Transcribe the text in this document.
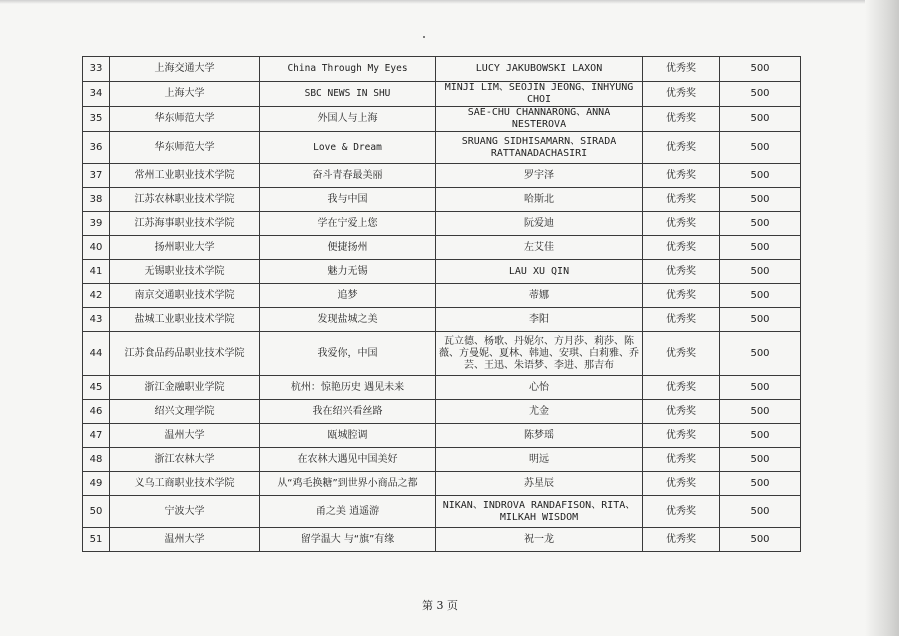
33	上海交通大学	China Through My Eyes	LUCY JAKUBOWSKI LAXON	优秀奖	500
34	上海大学	SBC NEWS IN SHU	MINJI LIM、SEOJIN JEONG、INHYUNG CHOI	优秀奖	500
35	华东师范大学	外国人与上海	SAE-CHU CHANNARONG、ANNA NESTEROVA	优秀奖	500
36	华东师范大学	Love & Dream	SRUANG SIDHISAMARN、SIRADA RATTANADACHASIRI	优秀奖	500
37	常州工业职业技术学院	奋斗青春最美丽	罗宇泽	优秀奖	500
38	江苏农林职业技术学院	我与中国	哈斯北	优秀奖	500
39	江苏海事职业技术学院	学在宁爱上您	阮爱迪	优秀奖	500
40	扬州职业大学	便捷扬州	左艾佳	优秀奖	500
41	无锡职业技术学院	魅力无锡	LAU XU QIN	优秀奖	500
42	南京交通职业技术学院	追梦	蒂娜	优秀奖	500
43	盐城工业职业技术学院	发现盐城之美	李阳	优秀奖	500
44	江苏食品药品职业技术学院	我爱你，中国	瓦立德、杨歌、丹妮尔、方月莎、莉莎、陈薇、方曼妮、夏林、韩迪、安琪、白莉雅、乔芸、王迅、朱语梦、李进、那吉布	优秀奖	500
45	浙江金融职业学院	杭州：惊艳历史 遇见未来	心怡	优秀奖	500
46	绍兴文理学院	我在绍兴看丝路	尤金	优秀奖	500
47	温州大学	瓯城腔调	陈梦瑶	优秀奖	500
48	浙江农林大学	在农林大遇见中国美好	明远	优秀奖	500
49	义乌工商职业技术学院	从“鸡毛换糖”到世界小商品之都	苏星辰	优秀奖	500
50	宁波大学	甬之美 逍遥游	NIKAN、INDROVA RANDAFISON、RITA、MILKAH WISDOM	优秀奖	500
51	温州大学	留学温大 与“旗”有缘	祝一龙	优秀奖	500
第 3 页
